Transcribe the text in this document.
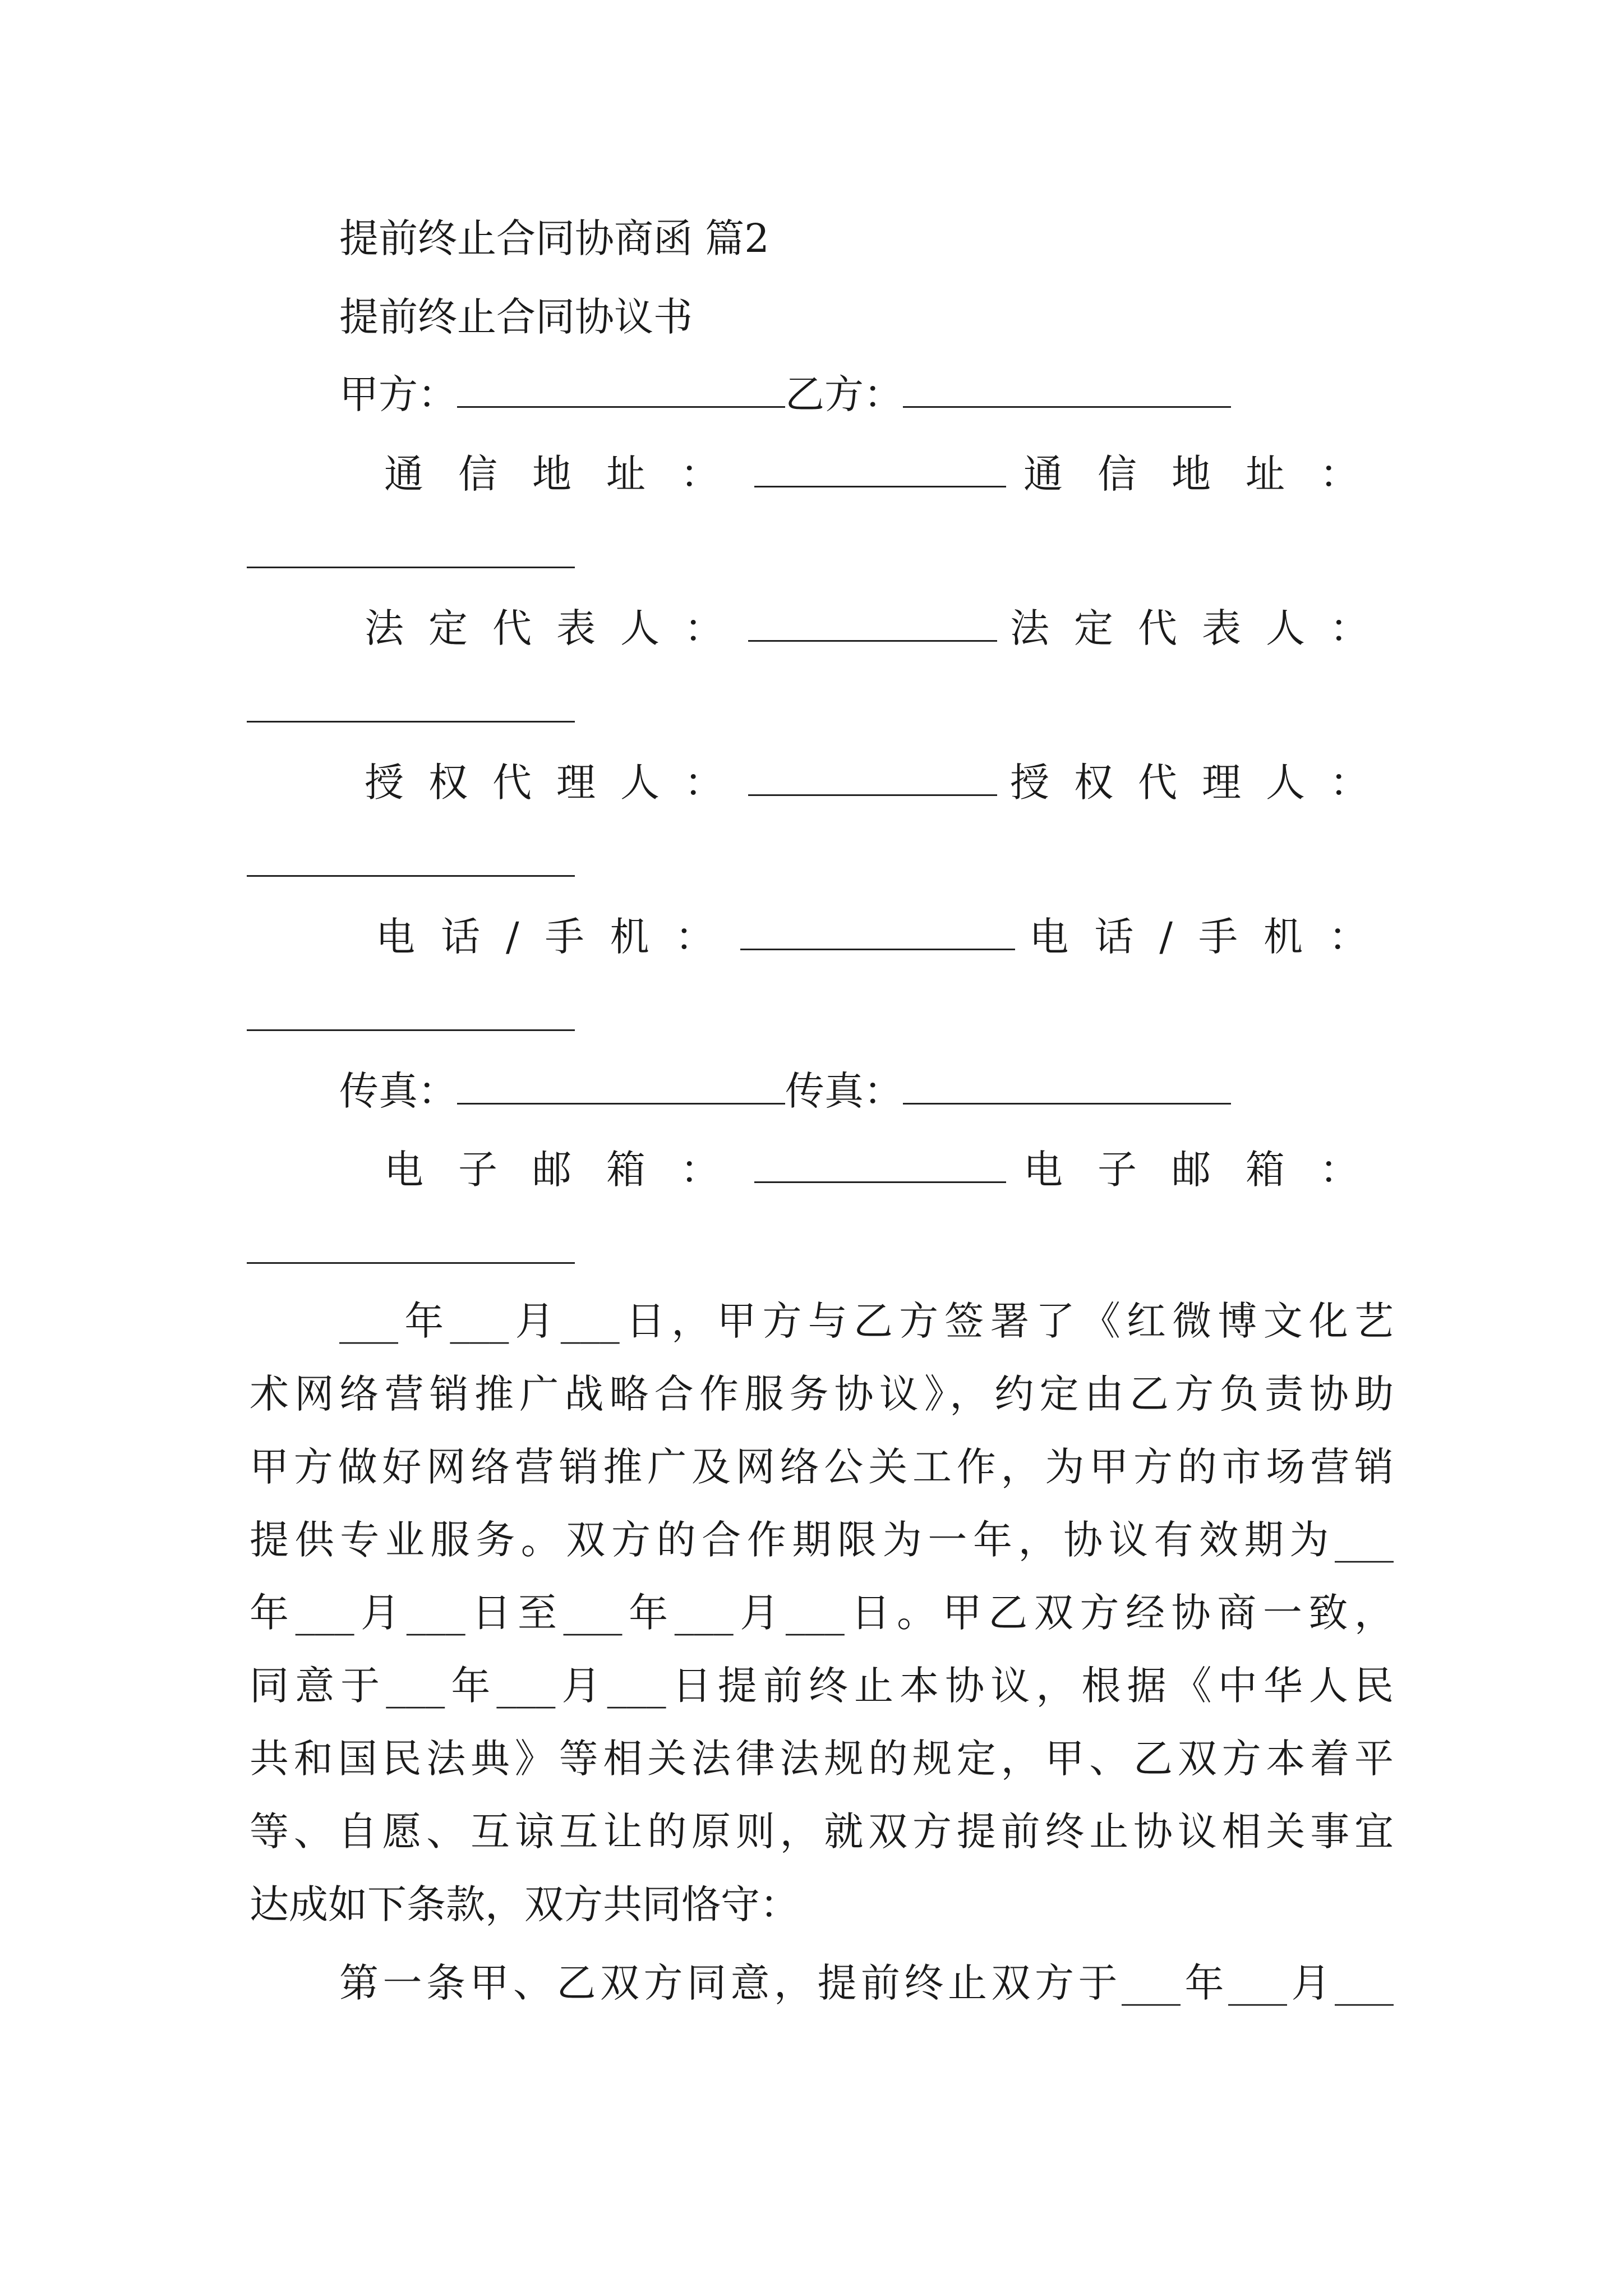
提前终止合同协商函 篇2
提前终止合同协议书
甲方：	乙方：
通信地址：	通信地址：
法定代表人：	法定代表人：
授权代理人：	授权代理人：
电话/手机：	电话/手机：
传真：	传真：
电子邮箱：	电子邮箱：
___年___月___日，甲方与乙方签署了《红微博文化艺
术网络营销推广战略合作服务协议》，约定由乙方负责协助
甲方做好网络营销推广及网络公关工作，为甲方的市场营销
提供专业服务。双方的合作期限为一年，协议有效期为___
年___月___日至___年___月___日。甲乙双方经协商一致，
同意于___年___月___日提前终止本协议，根据《中华人民
共和国民法典》等相关法律法规的规定，甲、乙双方本着平
等、自愿、互谅互让的原则，就双方提前终止协议相关事宜
达成如下条款，双方共同恪守：
第一条甲、乙双方同意，提前终止双方于___年___月___
